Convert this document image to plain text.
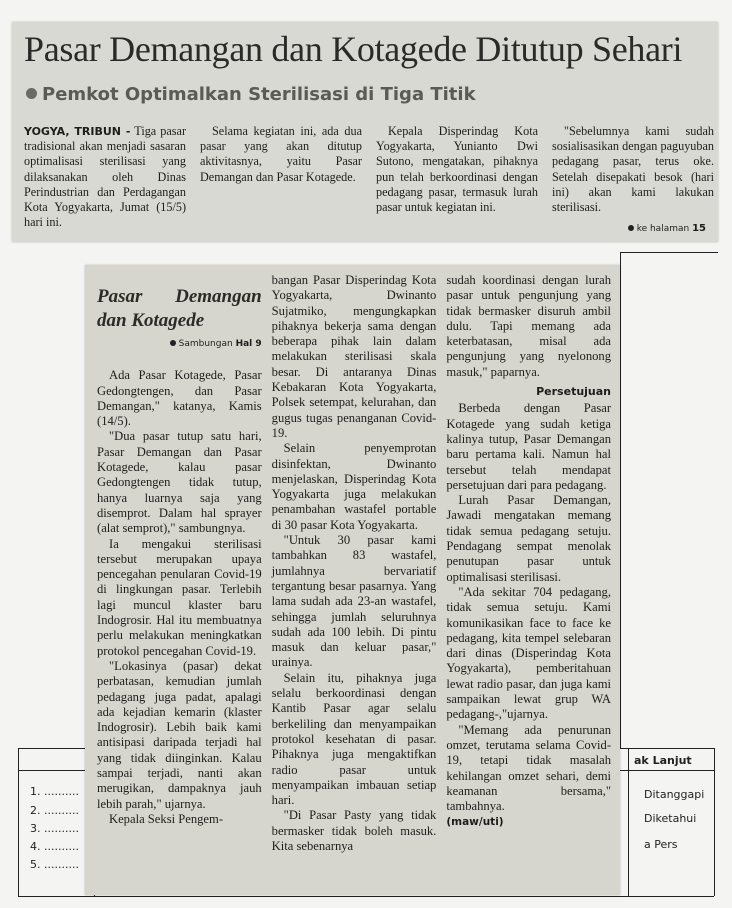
ak Lanjut
1. ..........
2. ..........
3. ..........
4. ..........
5. ..........
Ditanggapi
Diketahui
a Pers
Pasar Demangan dan Kotagede Ditutup Sehari
Pemkot Optimalkan Sterilisasi di Tiga Titik

YOGYA, TRIBUN - Tiga pasar tradisional akan menjadi sasaran optimalisasi sterilisasi yang dilaksanakan oleh Dinas Perindustrian dan Perdagangan Kota Yogyakarta, Jumat (15/5) hari ini.

Selama kegiatan ini, ada dua pasar yang akan ditutup aktivitasnya, yaitu Pasar Demangan dan Pasar Kotagede.

Kepala Disperindag Kota Yogyakarta, Yunianto Dwi Sutono, mengatakan, pihaknya pun telah berkoordinasi dengan pedagang pasar, termasuk lurah pasar untuk kegiatan ini.

"Sebelumnya kami sudah sosialisasikan dengan paguyuban pedagang pasar, terus oke. Setelah disepakati besok (hari ini) akan kami lakukan sterilisasi.

ke halaman 15
Pasar Demangan dan Kotagede
Sambungan Hal 9

Ada Pasar Kotagede, Pasar Gedongtengen, dan Pasar Demangan," katanya, Kamis (14/5).

"Dua pasar tutup satu hari, Pasar Demangan dan Pasar Kotagede, kalau pasar Gedongtengen tidak tutup, hanya luarnya saja yang disemprot. Dalam hal sprayer (alat semprot)," sambungnya.

Ia mengakui sterilisasi tersebut merupakan upaya pencegahan penularan Covid-19 di lingkungan pasar. Terlebih lagi muncul klaster baru Indogrosir. Hal itu membuatnya perlu melakukan meningkatkan protokol pencegahan Covid-19.

"Lokasinya (pasar) dekat perbatasan, kemudian jumlah pedagang juga padat, apalagi ada kejadian kemarin (klaster Indogrosir). Lebih baik kami antisipasi daripada terjadi hal yang tidak diinginkan. Kalau sampai terjadi, nanti akan merugikan, dampaknya jauh lebih parah," ujarnya.

Kepala Seksi Pengem-

bangan Pasar Disperindag Kota Yogyakarta, Dwinanto Sujatmiko, mengungkapkan pihaknya bekerja sama dengan beberapa pihak lain dalam melakukan sterilisasi skala besar. Di antaranya Dinas Kebakaran Kota Yogyakarta, Polsek setempat, kelurahan, dan gugus tugas penanganan Covid-19.

Selain penyemprotan disinfektan, Dwinanto menjelaskan, Disperindag Kota Yogyakarta juga melakukan penambahan wastafel portable di 30 pasar Kota Yogyakarta.

"Untuk 30 pasar kami tambahkan 83 wastafel, jumlahnya bervariatif tergantung besar pasarnya. Yang lama sudah ada 23-an wastafel, sehingga jumlah seluruhnya sudah ada 100 lebih. Di pintu masuk dan keluar pasar," urainya.

Selain itu, pihaknya juga selalu berkoordinasi dengan Kantib Pasar agar selalu berkeliling dan menyampaikan protokol kesehatan di pasar. Pihaknya juga mengaktifkan radio pasar untuk menyampaikan imbauan setiap hari.

"Di Pasar Pasty yang tidak bermasker tidak boleh masuk. Kita sebenarnya

sudah koordinasi dengan lurah pasar untuk pengunjung yang tidak bermasker disuruh ambil dulu. Tapi memang ada keterbatasan, misal ada pengunjung yang nyelonong masuk," paparnya.

Persetujuan

Berbeda dengan Pasar Kotagede yang sudah ketiga kalinya tutup, Pasar Demangan baru pertama kali. Namun hal tersebut telah mendapat persetujuan dari para pedagang.

Lurah Pasar Demangan, Jawadi mengatakan memang tidak semua pedagang setuju. Pendagang sempat menolak penutupan pasar untuk optimalisasi sterilisasi.

"Ada sekitar 704 pedagang, tidak semua setuju. Kami komunikasikan face to face ke pedagang, kita tempel selebaran dari dinas (Disperindag Kota Yogyakarta), pemberitahuan lewat radio pasar, dan juga kami sampaikan lewat grup WA pedagang-,"ujarnya.

"Memang ada penurunan omzet, terutama selama Covid-19, tetapi tidak masalah kehilangan omzet sehari, demi keamanan bersama," tambahnya.

(maw/uti)
